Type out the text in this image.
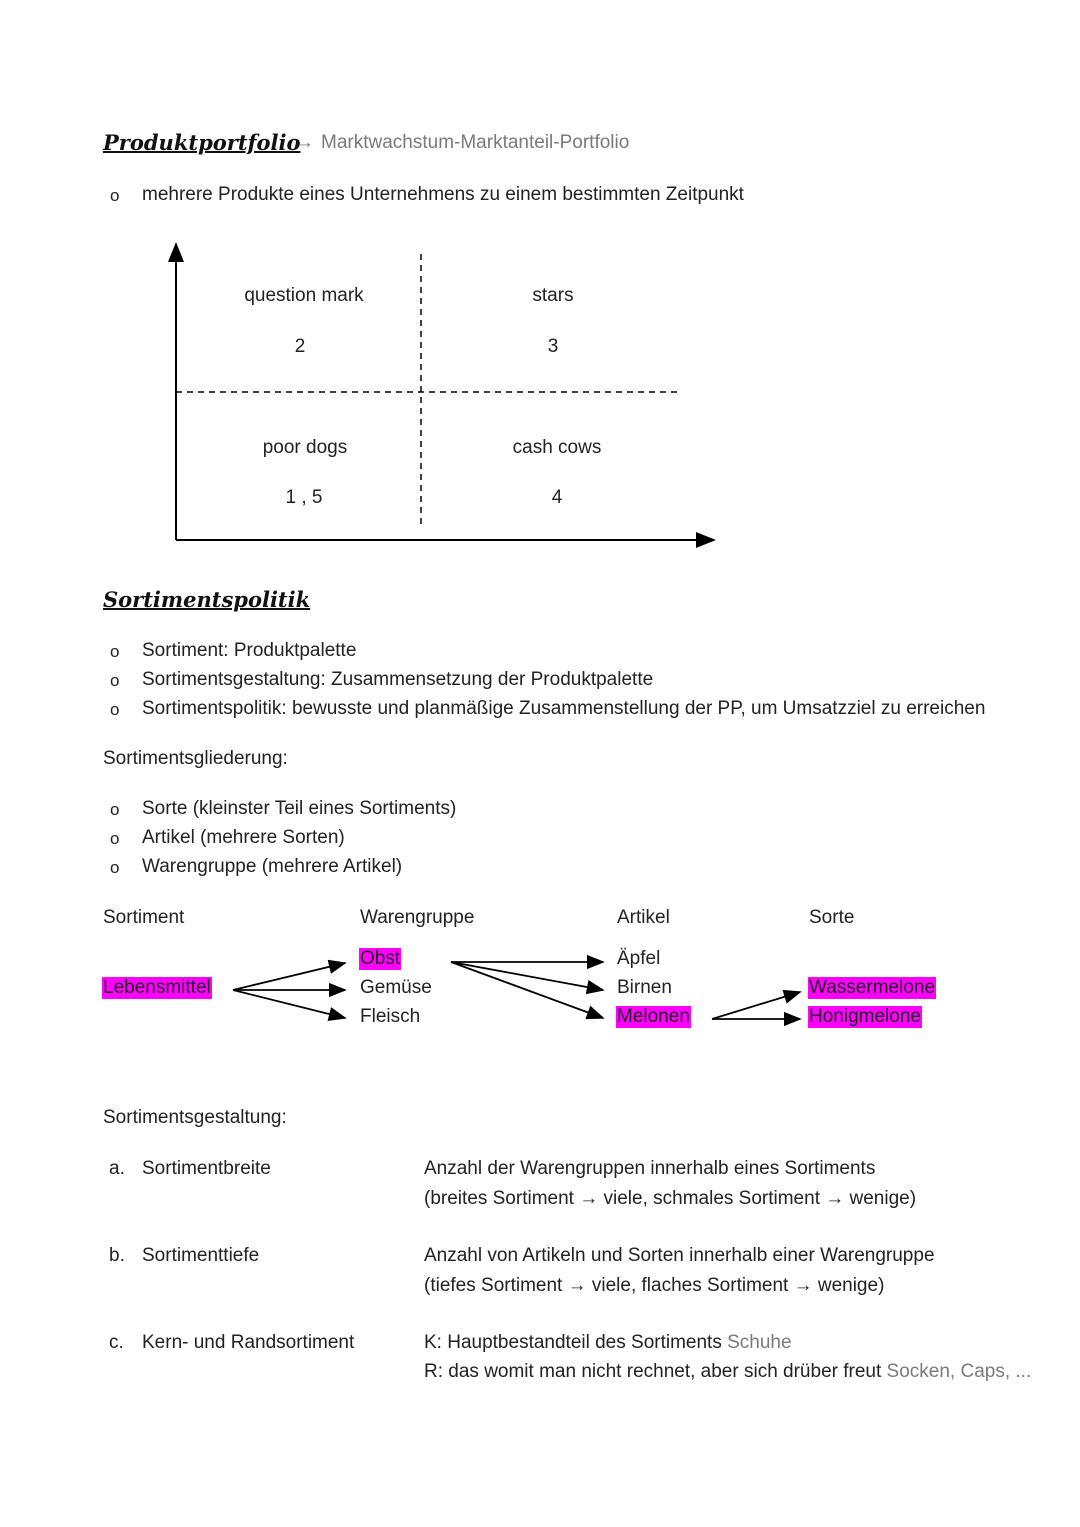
Produktportfolio
→ Marktwachstum-Marktanteil-Portfolio
o mehrere Produkte eines Unternehmens zu einem bestimmten Zeitpunkt
question mark
2
stars
3
poor dogs
1 , 5
cash cows
4
Sortimentspolitik
o Sortiment: Produktpalette
o Sortimentsgestaltung: Zusammensetzung der Produktpalette
o Sortimentspolitik: bewusste und planmäßige Zusammenstellung der PP, um Umsatzziel zu erreichen
Sortimentsgliederung:
o Sorte (kleinster Teil eines Sortiments)
o Artikel (mehrere Sorten)
o Warengruppe (mehrere Artikel)
Sortiment	Warengruppe	Artikel	Sorte
Lebensmittel
Obst
Gemüse
Fleisch
Äpfel
Birnen
Melonen
Wassermelone
Honigmelone
Sortimentsgestaltung:
a. Sortimentbreite	Anzahl der Warengruppen innerhalb eines Sortiments
(breites Sortiment → viele, schmales Sortiment → wenige)
b. Sortimenttiefe	Anzahl von Artikeln und Sorten innerhalb einer Warengruppe
(tiefes Sortiment → viele, flaches Sortiment → wenige)
c. Kern- und Randsortiment	K: Hauptbestandteil des Sortiments Schuhe
R: das womit man nicht rechnet, aber sich drüber freut Socken, Caps, ...
